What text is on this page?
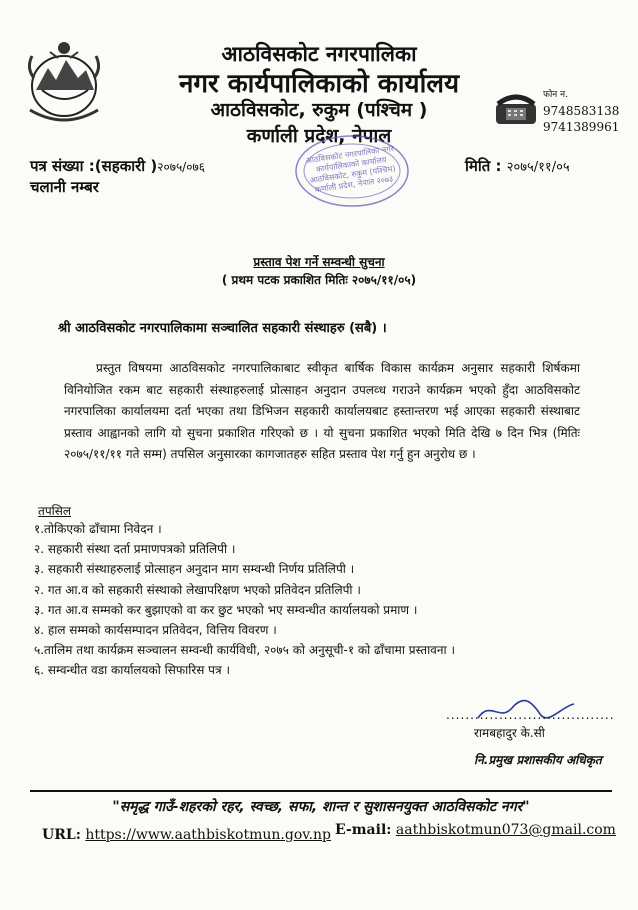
आठविसकोट नगरपालिका
नगर कार्यपालिकाको कार्यालय
आठविसकोट, रुकुम (पश्चिम )
कर्णाली प्रदेश, नेपाल
फोन न.
9748583138
9741389961
आठविसकोट नगरपालिका नगर कार्यपालिकाको कार्यालय आठविसकोट, रुकुम (पश्चिम) कर्णाली प्रदेश, नेपाल २०७३
पत्र संख्या :(सहकारी )२०७५/०७६
चलानी नम्बर
मिति : २०७५/११/०५
प्रस्ताव पेश गर्ने सम्वन्धी सुचना
( प्रथम पटक प्रकाशित मितिः २०७५/११/०५)
श्री आठविसकोट नगरपालिकामा सञ्चालित सहकारी संस्थाहरु (सबै) ।
प्रस्तुत विषयमा आठविसकोट नगरपालिकाबाट स्वीकृत बार्षिक विकास कार्यक्रम अनुसार सहकारी शिर्षकमा विनियोजित रकम बाट सहकारी संस्थाहरुलाई प्रोत्साहन अनुदान उपलव्ध गराउने कार्यक्रम भएको हुँदा आठविसकोट नगरपालिका कार्यालयमा दर्ता भएका तथा डिभिजन सहकारी कार्यालयबाट हस्तान्तरण भई आएका सहकारी संस्थाबाट प्रस्ताव आह्वानको लागि यो सुचना प्रकाशित गरिएको छ । यो सुचना प्रकाशित भएको मिति देखि ७ दिन भित्र (मितिः २०७५/११/११ गते सम्म) तपसिल अनुसारका कागजातहरु सहित प्रस्ताव पेश गर्नु हुन अनुरोध छ ।
तपसिल
१.तोकिएको ढाँचामा निवेदन ।
२. सहकारी संस्था दर्ता प्रमाणपत्रको प्रतिलिपी ।
३. सहकारी संस्थाहरुलाई प्रोत्साहन अनुदान माग सम्वन्धी निर्णय प्रतिलिपी ।
२. गत आ.व को सहकारी संस्थाको लेखापरिक्षण भएको प्रतिवेदन प्रतिलिपी ।
३. गत आ.व सम्मको कर बुझाएको वा कर छुट भएको भए सम्वन्धीत कार्यालयको प्रमाण ।
४. हाल सम्मको कार्यसम्पादन प्रतिवेदन, वित्तिय विवरण ।
५.तालिम तथा कार्यक्रम सञ्चालन सम्वन्धी कार्यविधी, २०७५ को अनुसूची-१ को ढाँचामा प्रस्तावना ।
६. सम्वन्धीत वडा कार्यालयको सिफारिस पत्र ।
...................................
रामबहादुर के.सी
नि.प्रमुख प्रशासकीय अधिकृत
"समृद्ध गाउँ-शहरको रहर, स्वच्छ, सफा, शान्त र सुशासनयुक्त आठविसकोट नगर"
URL: https://www.aathbiskotmun.gov.np E-mail: aathbiskotmun073@gmail.com
